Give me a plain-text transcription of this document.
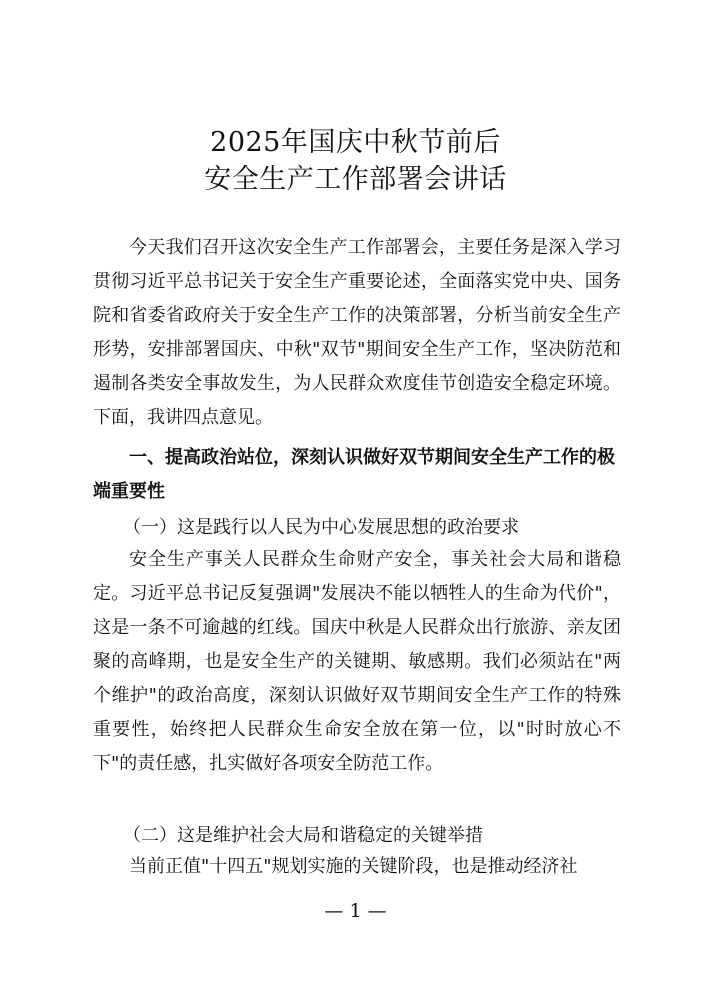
2025年国庆中秋节前后
安全生产工作部署会讲话
今天我们召开这次安全生产工作部署会，主要任务是深入学习贯彻习近平总书记关于安全生产重要论述，全面落实党中央、国务院和省委省政府关于安全生产工作的决策部署，分析当前安全生产形势，安排部署国庆、中秋"双节"期间安全生产工作，坚决防范和遏制各类安全事故发生，为人民群众欢度佳节创造安全稳定环境。下面，我讲四点意见。
一、提高政治站位，深刻认识做好双节期间安全生产工作的极端重要性
（一）这是践行以人民为中心发展思想的政治要求
安全生产事关人民群众生命财产安全，事关社会大局和谐稳定。习近平总书记反复强调"发展决不能以牺牲人的生命为代价"，这是一条不可逾越的红线。国庆中秋是人民群众出行旅游、亲友团聚的高峰期，也是安全生产的关键期、敏感期。我们必须站在"两个维护"的政治高度，深刻认识做好双节期间安全生产工作的特殊重要性，始终把人民群众生命安全放在第一位，以"时时放心不下"的责任感，扎实做好各项安全防范工作。
（二）这是维护社会大局和谐稳定的关键举措
当前正值"十四五"规划实施的关键阶段，也是推动经济社
— 1 —
